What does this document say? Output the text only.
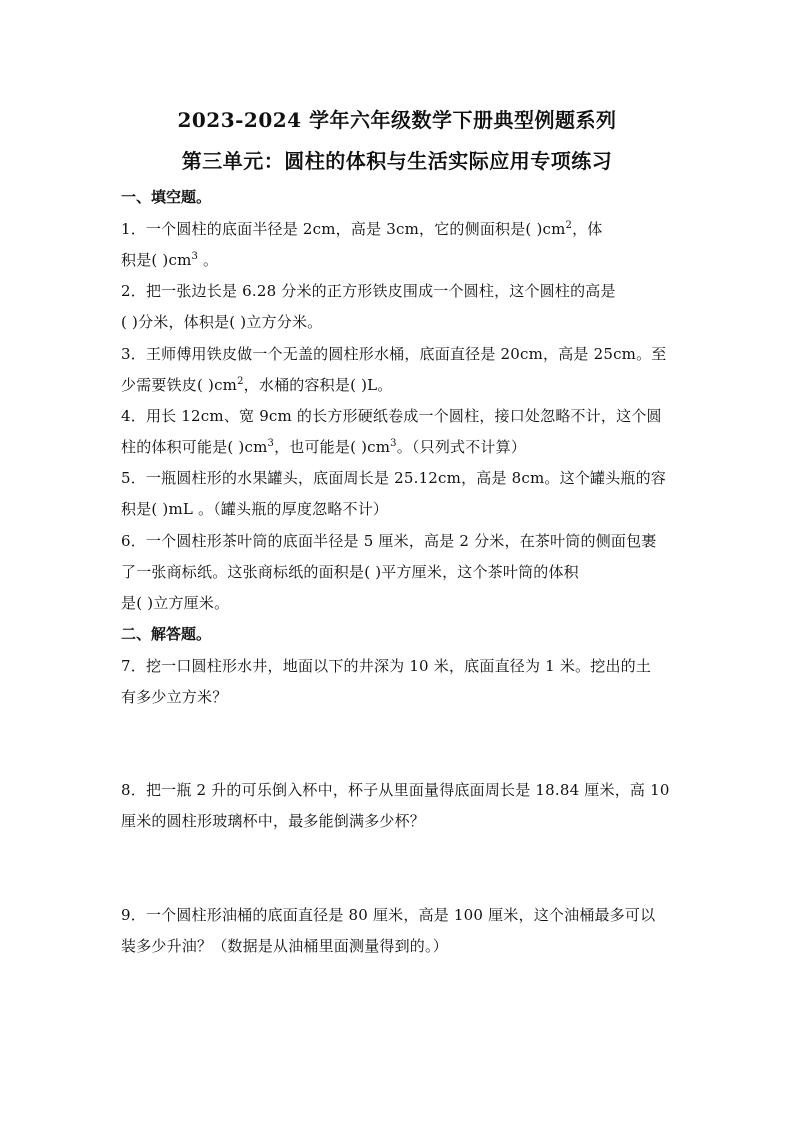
2023-2024 学年六年级数学下册典型例题系列
第三单元：圆柱的体积与生活实际应用专项练习
一、填空题。
1．一个圆柱的底面半径是 2cm，高是 3cm，它的侧面积是( )$cm^2$，体
积是( )$cm^3$ 。
2．把一张边长是 6.28 分米的正方形铁皮围成一个圆柱，这个圆柱的高是
( )分米，体积是( )立方分米。
3．王师傅用铁皮做一个无盖的圆柱形水桶，底面直径是 20cm，高是 25cm。至
少需要铁皮( )$cm^2$，水桶的容积是( )L。
4．用长 12cm、宽 9cm 的长方形硬纸卷成一个圆柱，接口处忽略不计，这个圆
柱的体积可能是( )$cm^3$，也可能是( )$cm^3$。（只列式不计算）
5．一瓶圆柱形的水果罐头，底面周长是 25.12cm，高是 8cm。这个罐头瓶的容
积是( )mL 。（罐头瓶的厚度忽略不计）
6．一个圆柱形茶叶筒的底面半径是 5 厘米，高是 2 分米，在茶叶筒的侧面包裹
了一张商标纸。这张商标纸的面积是( )平方厘米，这个茶叶筒的体积
是( )立方厘米。
二、解答题。
7．挖一口圆柱形水井，地面以下的井深为 10 米，底面直径为 1 米。挖出的土
有多少立方米？
8．把一瓶 2 升的可乐倒入杯中，杯子从里面量得底面周长是 18.84 厘米，高 10
厘米的圆柱形玻璃杯中，最多能倒满多少杯？
9．一个圆柱形油桶的底面直径是 80 厘米，高是 100 厘米，这个油桶最多可以
装多少升油？（数据是从油桶里面测量得到的。）
